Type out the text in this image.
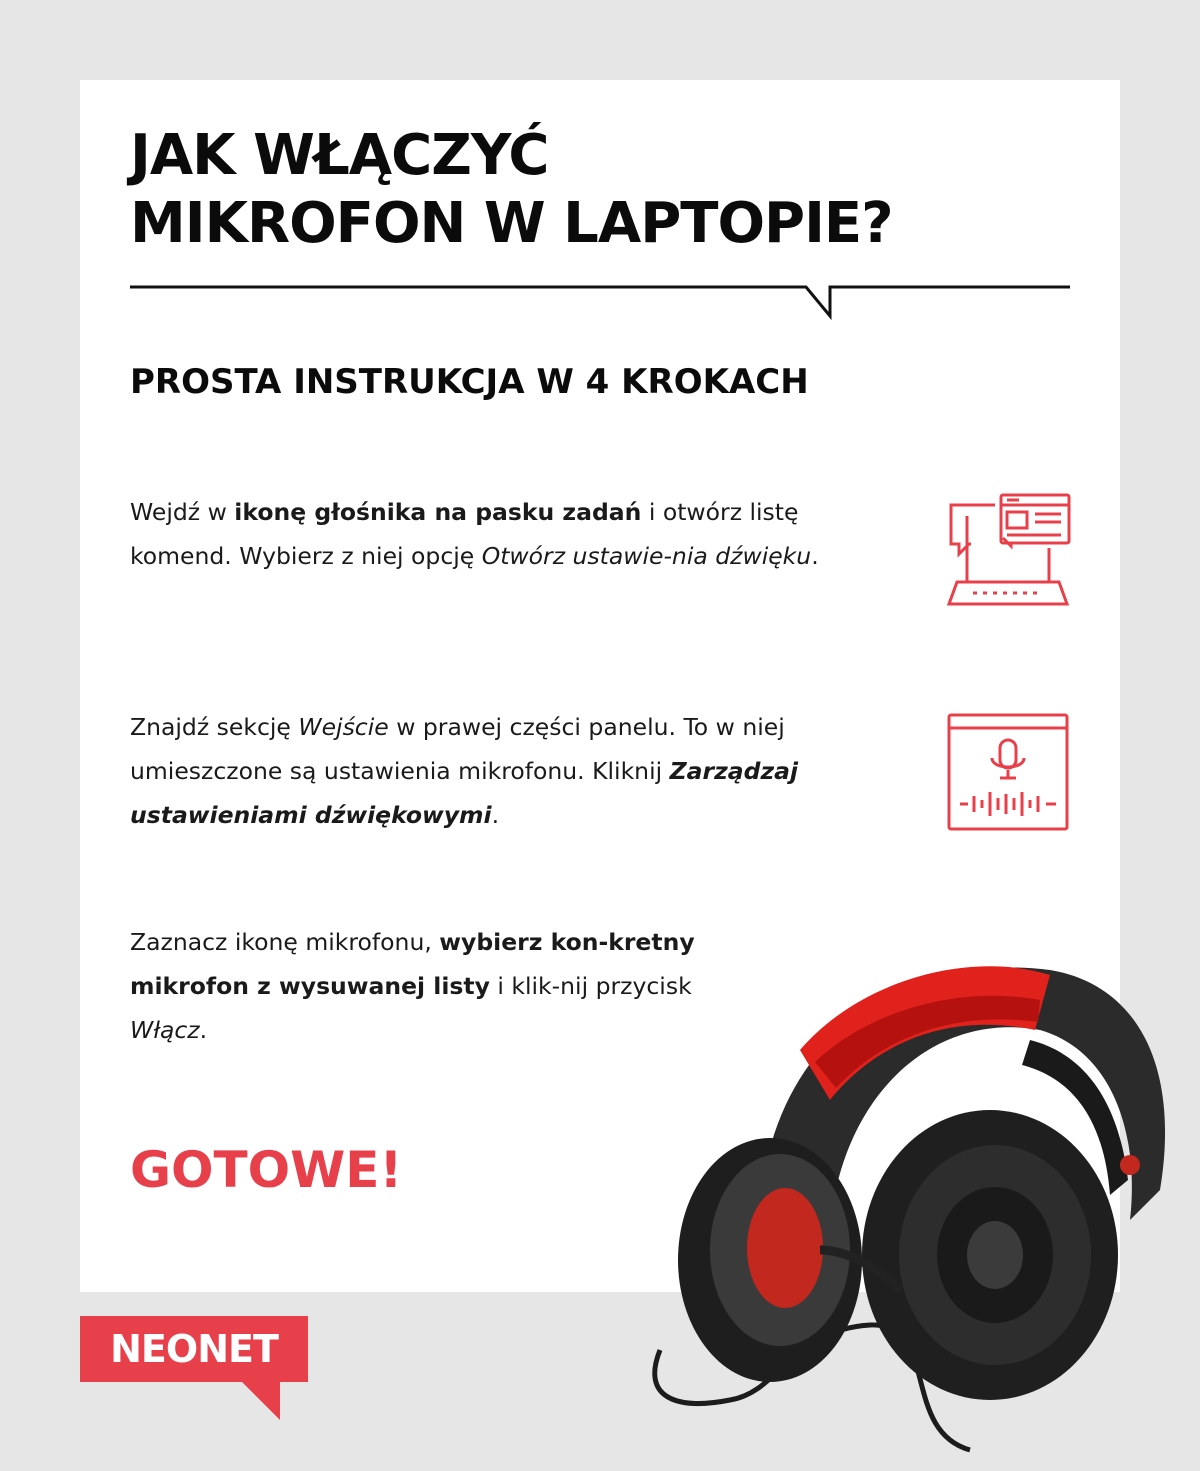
JAK WŁĄCZYĆ
MIKROFON W LAPTOPIE?
PROSTA INSTRUKCJA W 4 KROKACH

Wejdź w ikonę głośnika na pasku zadań i otwórz listę komend. Wybierz z niej opcję Otwórz ustawie-nia dźwięku.

Znajdź sekcję Wejście w prawej części panelu. To w niej umieszczone są ustawienia mikrofonu. Kliknij Zarządzaj ustawieniami dźwiękowymi.

Zaznacz ikonę mikrofonu, wybierz kon-kretny mikrofon z wysuwanej listy i klik-nij przycisk Włącz.

GOTOWE!

NEONET
